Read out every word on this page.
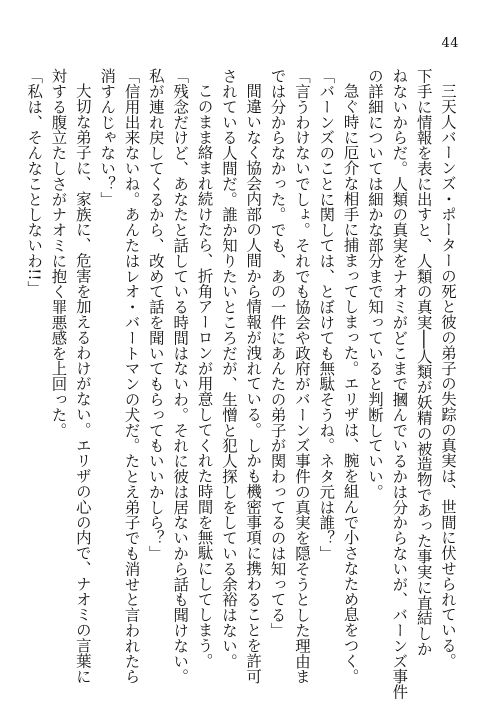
44
三天人バーンズ・ポーターの死と彼の弟子の失踪の真実は、世間に伏せられている。
下手に情報を表に出すと、人類の真実──人類が妖精の被造物であった事実に直結しか
ねないからだ。人類の真実をナオミがどこまで摑んでいるかは分からないが、バーンズ事件
の詳細については細かな部分まで知っていると判断していい。
急ぐ時に厄介な相手に捕まってしまった。エリザは、腕を組んで小さなため息をつく。
「バーンズのことに関しては、とぼけても無駄そうね。ネタ元は誰？」
「言うわけないでしょ。それでも協会や政府がバーンズ事件の真実を隠そうとした理由ま
では分からなかった。でも、あの一件にあんたの弟子が関わってるのは知ってる」
間違いなく協会内部の人間から情報が洩れている。しかも機密事項に携わることを許可
されている人間だ。誰か知りたいところだが、生憎と犯人探しをしている余裕はない。
このまま絡まれ続けたら、折角アーロンが用意してくれた時間を無駄にしてしまう。
「残念だけど、あなたと話している時間はないわ。それに彼は居ないから話も聞けない。
私が連れ戻してくるから、改めて話を聞いてもらってもいいかしら？」
「信用出来ないね。あんたはレオ・バートマンの犬だ。たとえ弟子でも消せと言われたら
消すんじゃない？」
大切な弟子に、家族に、危害を加えるわけがない。エリザの心の内で、ナオミの言葉に
対する腹立たしさがナオミに抱く罪悪感を上回った。
「私は、そんなことしないわ!!」
